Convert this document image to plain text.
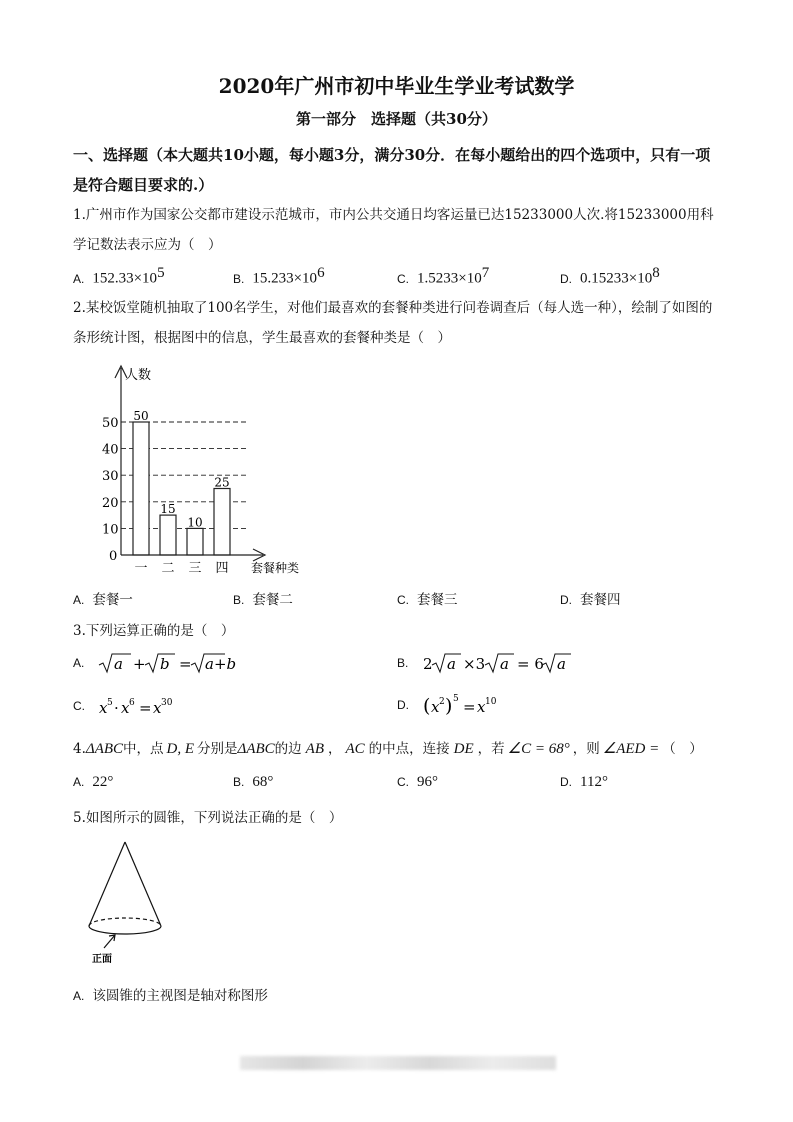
2020年广州市初中毕业生学业考试数学
第一部分　选择题（共30分）
一、选择题（本大题共10小题，每小题3分，满分30分．在每小题给出的四个选项中，只有一项是符合题目要求的.）
1.广州市作为国家公交都市建设示范城市，市内公共交通日均客运量已达15233000人次.将15233000用科学记数法表示应为（　）
A. $152.33\times 10^5$	B. $15.233\times 10^6$	C. $1.5233\times 10^7$	D. $0.15233\times 10^8$
2.某校饭堂随机抽取了100名学生，对他们最喜欢的套餐种类进行问卷调查后（每人选一种），绘制了如图的条形统计图，根据图中的信息，学生最喜欢的套餐种类是（　）
人数
套餐种类
0
10
20
30
40
50
一 二 三 四
50
15
10
25
A. 套餐一	B. 套餐二	C. 套餐三	D. 套餐四
3.下列运算正确的是（　）
A. a + b = a+b	B. 2 a ×3 a = 6 a
C. x 5 · x 6 = x 30	D. ( x 2 ) 5 = x 10
4.ΔABC中，点 D, E 分别是ΔABC的边 AB ， AC 的中点，连接 DE ，若 ∠C = 68° ，则 ∠AED = （　）
A. 22°	B. 68°	C. 96°	D. 112°
5.如图所示的圆锥，下列说法正确的是（　）
正面
A. 该圆锥的主视图是轴对称图形
